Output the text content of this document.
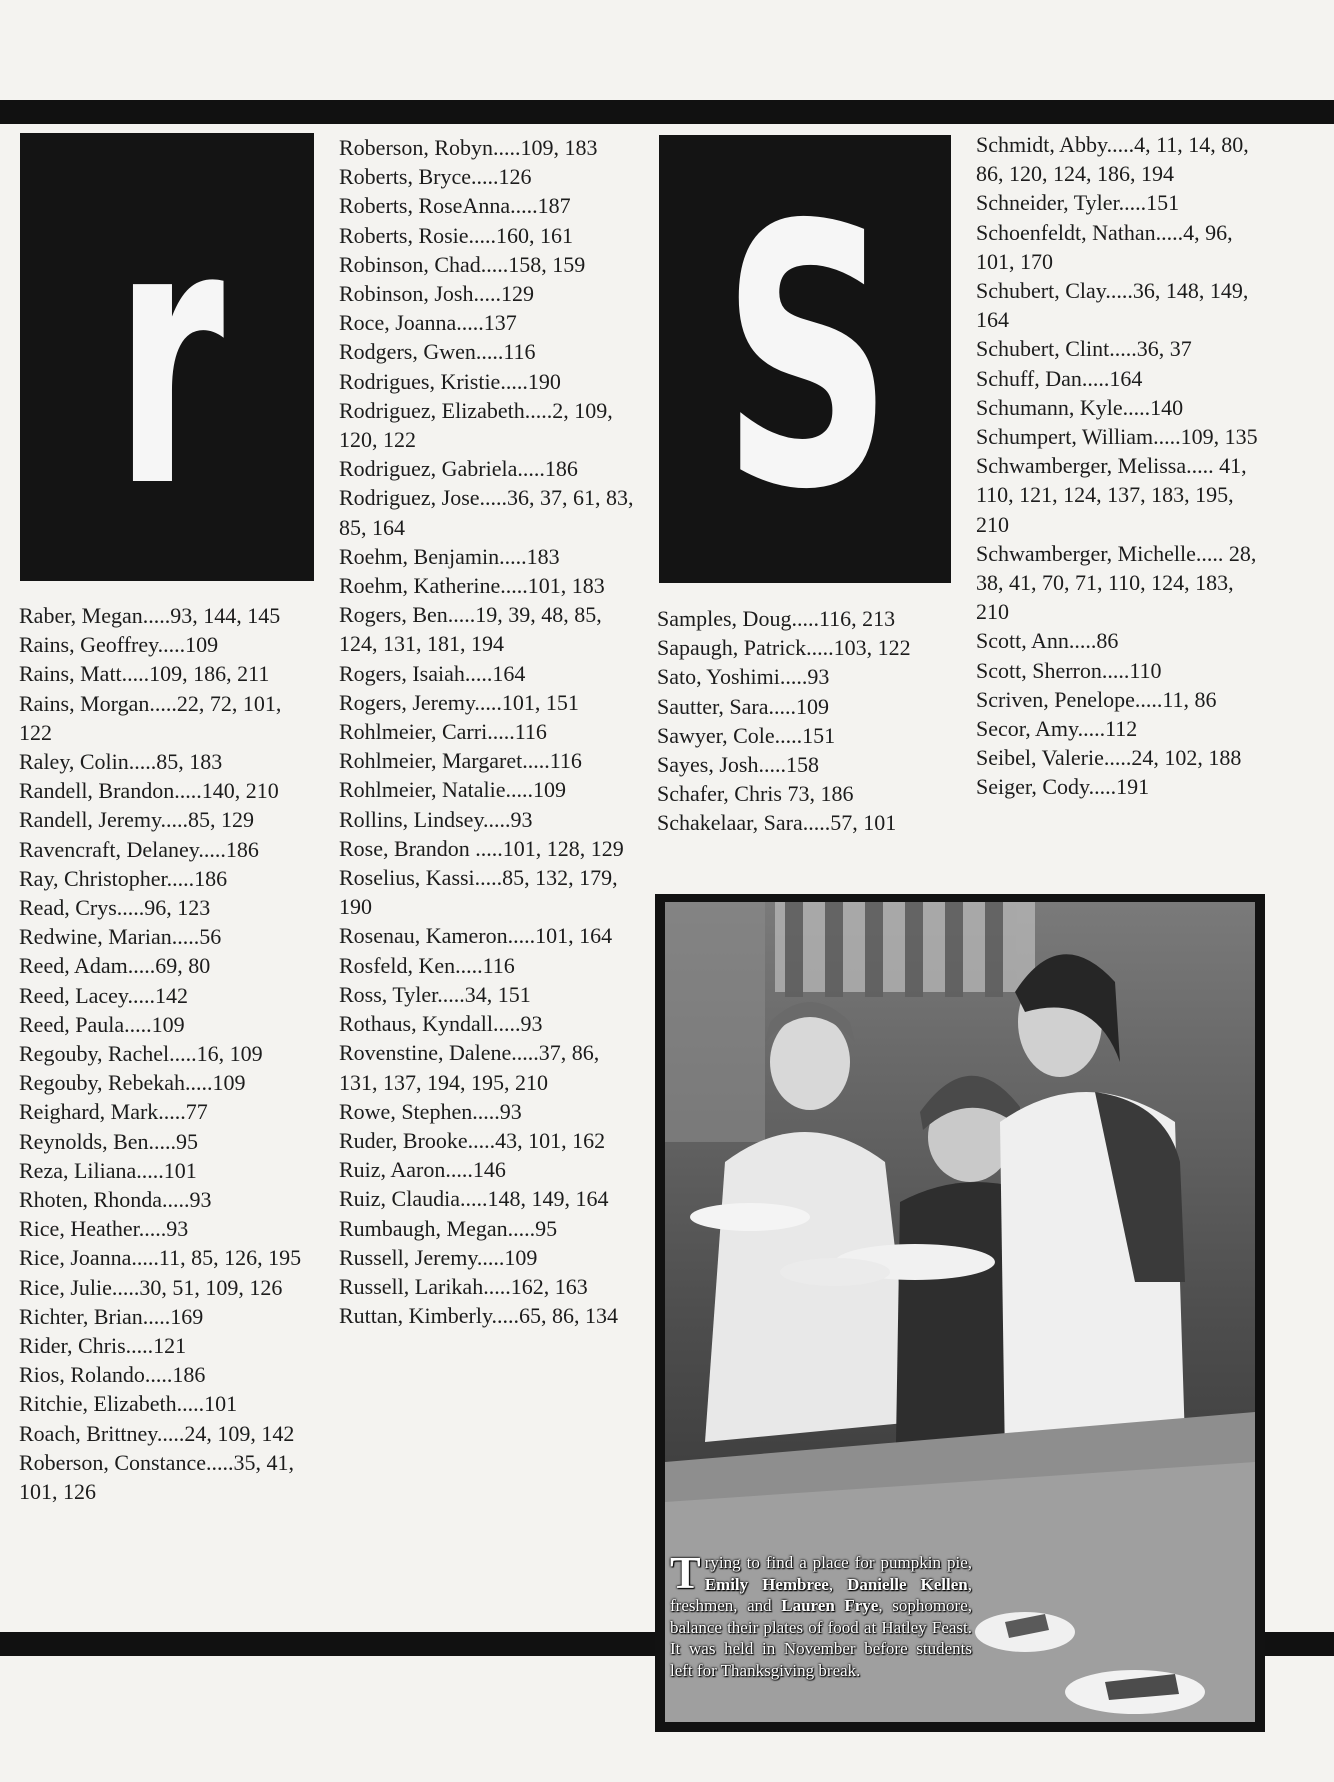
r S
Raber, Megan.....93, 144, 145
Rains, Geoffrey.....109
Rains, Matt.....109, 186, 211
Rains, Morgan.....22, 72, 101, 122
Raley, Colin.....85, 183
Randell, Brandon.....140, 210
Randell, Jeremy.....85, 129
Ravencraft, Delaney.....186
Ray, Christopher.....186
Read, Crys.....96, 123
Redwine, Marian.....56
Reed, Adam.....69, 80
Reed, Lacey.....142
Reed, Paula.....109
Regouby, Rachel.....16, 109
Regouby, Rebekah.....109
Reighard, Mark.....77
Reynolds, Ben.....95
Reza, Liliana.....101
Rhoten, Rhonda.....93
Rice, Heather.....93
Rice, Joanna.....11, 85, 126, 195
Rice, Julie.....30, 51, 109, 126
Richter, Brian.....169
Rider, Chris.....121
Rios, Rolando.....186
Ritchie, Elizabeth.....101
Roach, Brittney.....24, 109, 142
Roberson, Constance.....35, 41, 101, 126
Roberson, Robyn.....109, 183
Roberts, Bryce.....126
Roberts, RoseAnna.....187
Roberts, Rosie.....160, 161
Robinson, Chad.....158, 159
Robinson, Josh.....129
Roce, Joanna.....137
Rodgers, Gwen.....116
Rodrigues, Kristie.....190
Rodriguez, Elizabeth.....2, 109, 120, 122
Rodriguez, Gabriela.....186
Rodriguez, Jose.....36, 37, 61, 83, 85, 164
Roehm, Benjamin.....183
Roehm, Katherine.....101, 183
Rogers, Ben.....19, 39, 48, 85, 124, 131, 181, 194
Rogers, Isaiah.....164
Rogers, Jeremy.....101, 151
Rohlmeier, Carri.....116
Rohlmeier, Margaret.....116
Rohlmeier, Natalie.....109
Rollins, Lindsey.....93
Rose, Brandon .....101, 128, 129
Roselius, Kassi.....85, 132, 179, 190
Rosenau, Kameron.....101, 164
Rosfeld, Ken.....116
Ross, Tyler.....34, 151
Rothaus, Kyndall.....93
Rovenstine, Dalene.....37, 86, 131, 137, 194, 195, 210
Rowe, Stephen.....93
Ruder, Brooke.....43, 101, 162
Ruiz, Aaron.....146
Ruiz, Claudia.....148, 149, 164
Rumbaugh, Megan.....95
Russell, Jeremy.....109
Russell, Larikah.....162, 163
Ruttan, Kimberly.....65, 86, 134
Samples, Doug.....116, 213
Sapaugh, Patrick.....103, 122
Sato, Yoshimi.....93
Sautter, Sara.....109
Sawyer, Cole.....151
Sayes, Josh.....158
Schafer, Chris 73, 186
Schakelaar, Sara.....57, 101
Schmidt, Abby.....4, 11, 14, 80, 86, 120, 124, 186, 194
Schneider, Tyler.....151
Schoenfeldt, Nathan.....4, 96, 101, 170
Schubert, Clay.....36, 148, 149, 164
Schubert, Clint.....36, 37
Schuff, Dan.....164
Schumann, Kyle.....140
Schumpert, William.....109, 135
Schwamberger, Melissa..... 41, 110, 121, 124, 137, 183, 195, 210
Schwamberger, Michelle..... 28, 38, 41, 70, 71, 110, 124, 183, 210
Scott, Ann.....86
Scott, Sherron.....110
Scriven, Penelope.....11, 86
Secor, Amy.....112
Seibel, Valerie.....24, 102, 188
Seiger, Cody.....191
Trying to find a place for pumpkin pie, Emily Hembree, Danielle Kellen, freshmen, and Lauren Frye, sophomore, balance their plates of food at Hatley Feast. It was held in November before students left for Thanksgiving break.
